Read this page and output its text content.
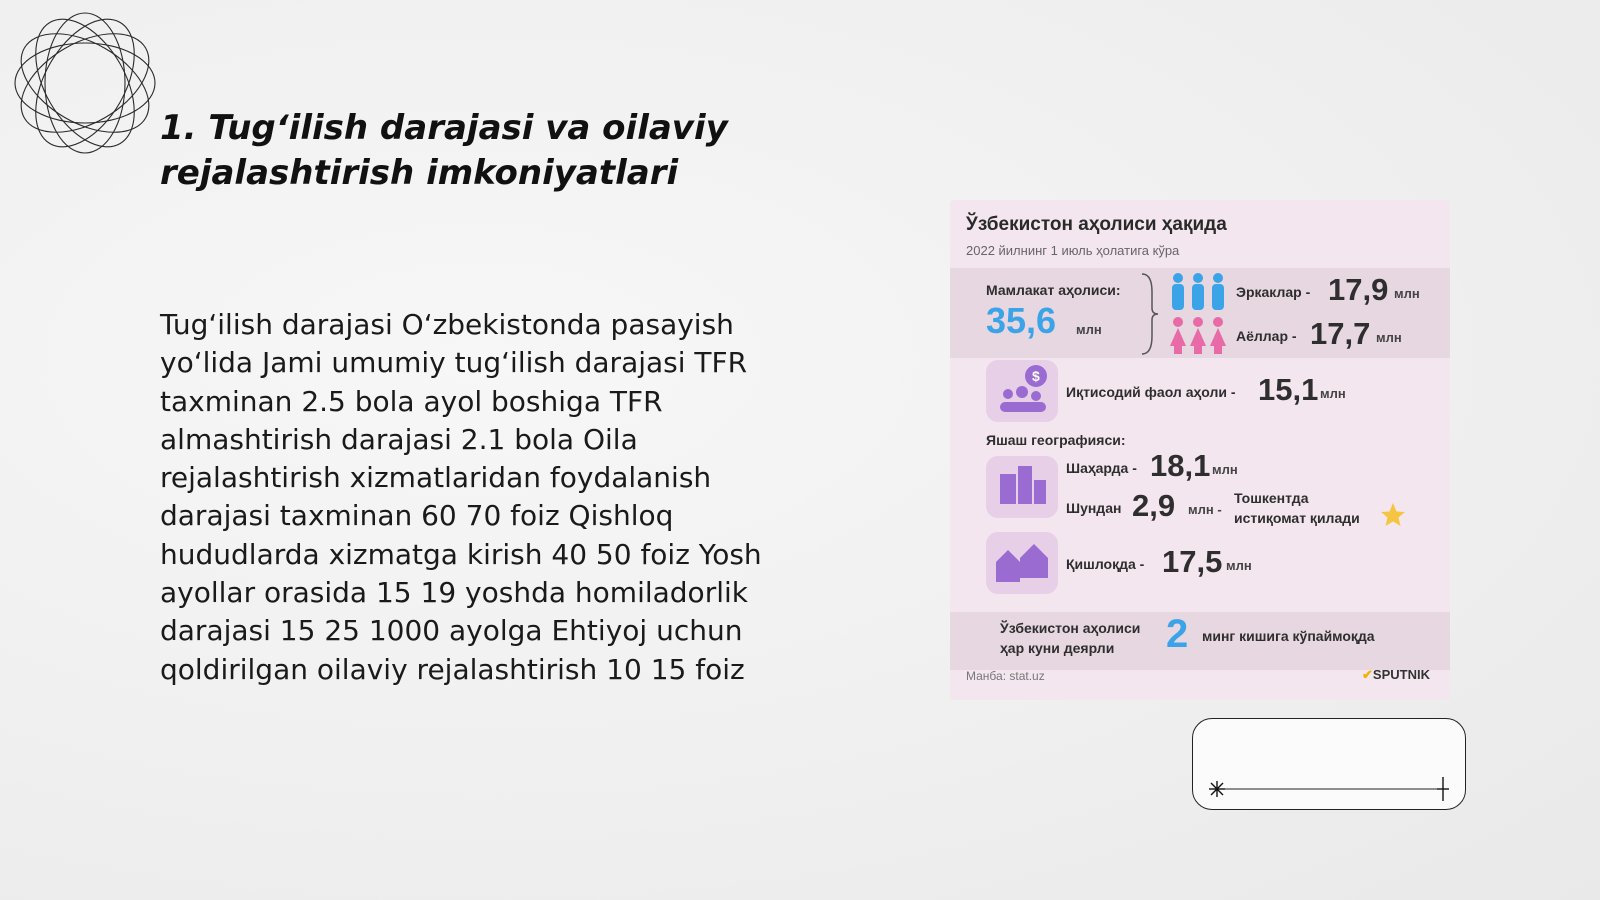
1. Tug‘ilish darajasi va oilaviy rejalashtirish imkoniyatlari

Tug‘ilish darajasi O‘zbekistonda pasayish yo‘lida Jami umumiy tug‘ilish darajasi TFR taxminan 2.5 bola ayol boshiga TFR almashtirish darajasi 2.1 bola Oila rejalashtirish xizmatlaridan foydalanish darajasi taxminan 60 70 foiz Qishloq hududlarda xizmatga kirish 40 50 foiz Yosh ayollar orasida 15 19 yoshda homiladorlik darajasi 15 25 1000 ayolga Ehtiyoj uchun qoldirilgan oilaviy rejalashtirish 10 15 foiz

Ўзбекистон аҳолиси ҳақида
2022 йилнинг 1 июль ҳолатига кўра
Мамлакат аҳолиси:
35,6 млн
Эркаклар - 17,9 млн
Аёллар - 17,7 млн
$
Иқтисодий фаол аҳоли - 15,1 млн
Яшаш географияси:
Шаҳарда - 18,1 млн
Шундан 2,9 млн -
Тошкентда
истиқомат қилади
Қишлоқда - 17,5 млн
Ўзбекистон аҳолиси
ҳар куни деярли 2 минг кишига кўпаймоқда
Манба: stat.uz	✔SPUTNIK
